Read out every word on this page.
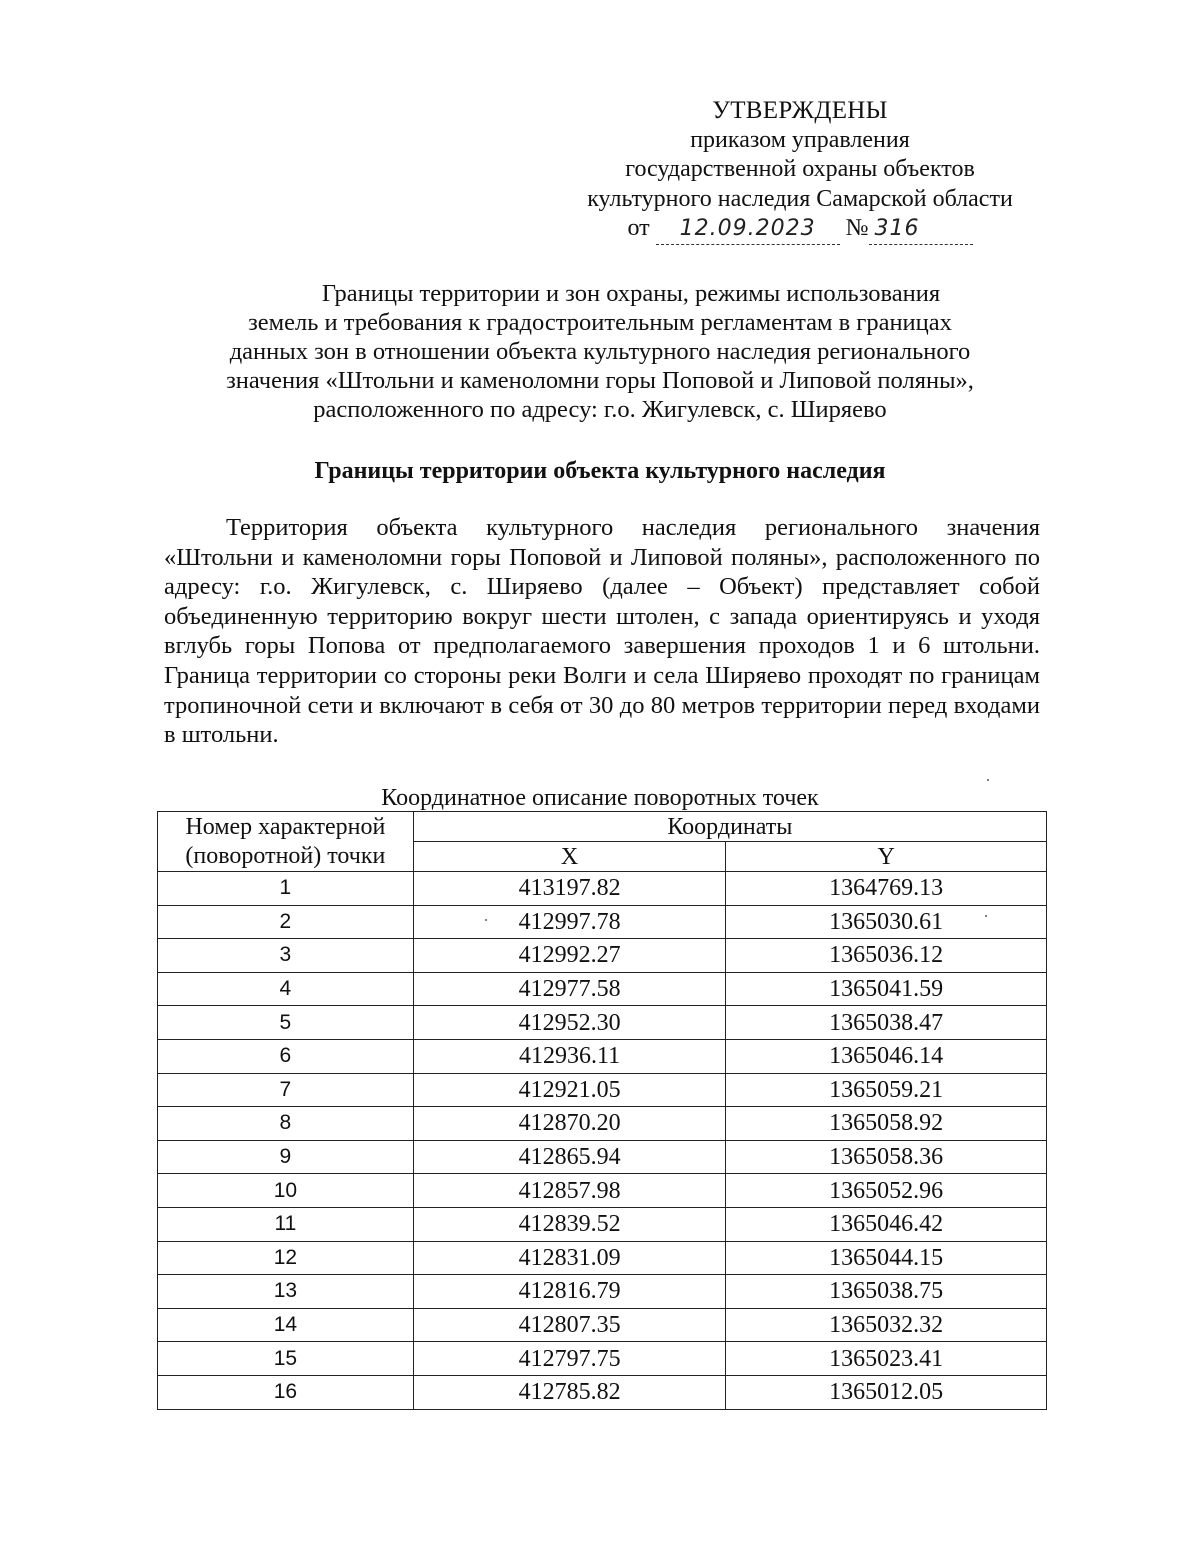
УТВЕРЖДЕНЫ
приказом управления
государственной охраны объектов
культурного наследия Самарской области
от 12.09.2023 № 316
Границы территории и зон охраны, режимы использования
земель и требования к градостроительным регламентам в границах
данных зон в отношении объекта культурного наследия регионального
значения «Штольни и каменоломни горы Поповой и Липовой поляны»,
расположенного по адресу: г.о. Жигулевск, с. Ширяево
Границы территории объекта культурного наследия

Территория объекта культурного наследия регионального значения «Штольни и каменоломни горы Поповой и Липовой поляны», расположенного по адресу: г.о. Жигулевск, с. Ширяево (далее – Объект) представляет собой объединенную территорию вокруг шести штолен, с запада ориентируясь и уходя вглубь горы Попова от предполагаемого завершения проходов 1 и 6 штольни. Граница территории со стороны реки Волги и села Ширяево проходят по границам тропиночной сети и включают в себя от 30 до 80 метров территории перед входами в штольни.

Координатное описание поворотных точек
Номер характерной
(поворотной) точки	Координаты	
	X	Y
1	413197.82	1364769.13
2	412997.78	1365030.61
3	412992.27	1365036.12
4	412977.58	1365041.59
5	412952.30	1365038.47
6	412936.11	1365046.14
7	412921.05	1365059.21
8	412870.20	1365058.92
9	412865.94	1365058.36
10	412857.98	1365052.96
11	412839.52	1365046.42
12	412831.09	1365044.15
13	412816.79	1365038.75
14	412807.35	1365032.32
15	412797.75	1365023.41
16	412785.82	1365012.05
